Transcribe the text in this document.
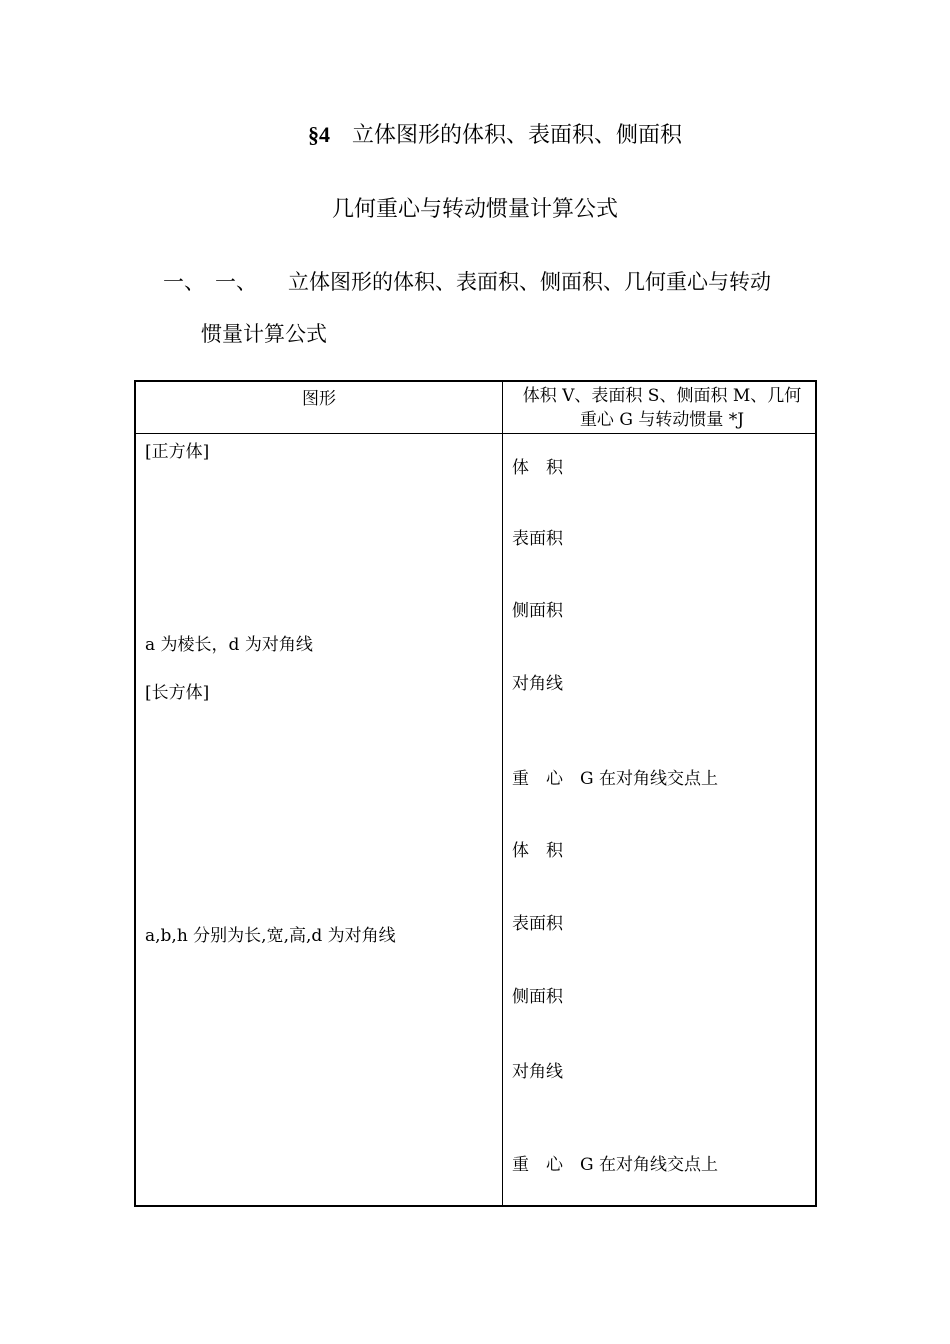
§4 立体图形的体积、表面积、侧面积
几何重心与转动惯量计算公式
一、 一、 立体图形的体积、表面积、侧面积、几何重心与转动
惯量计算公式
图形	体积 V、表面积 S、侧面积 M、几何
重心 G 与转动惯量 *J
[正方体]
a 为棱长，d 为对角线
[长方体]
a,b,h 分别为长,宽,高,d 为对角线
体　积
表面积
侧面积
对角线
重　心　G 在对角线交点上
体　积
表面积
侧面积
对角线
重　心　G 在对角线交点上
